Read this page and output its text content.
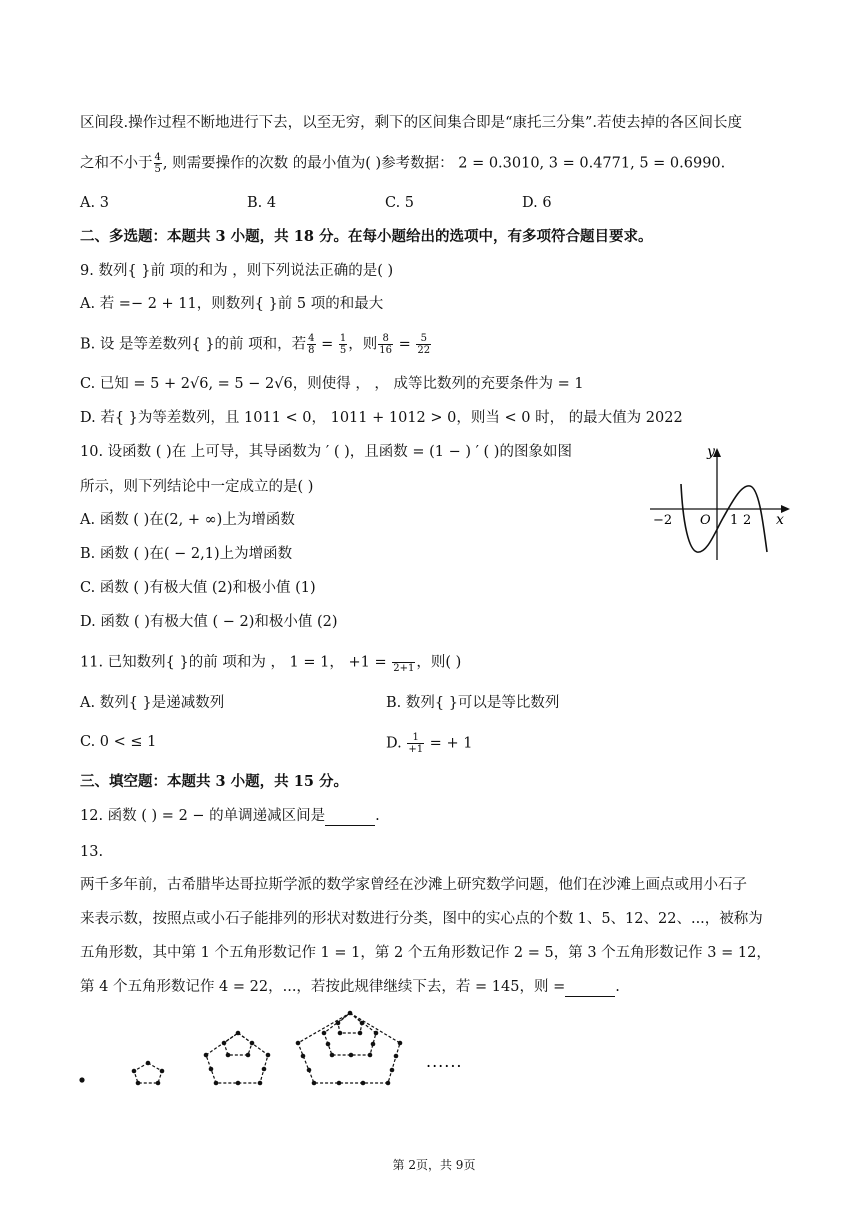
区间段.操作过程不断地进行下去，以至无穷，剩下的区间集合即是“康托三分集”.若使去掉的各区间长度
之和不小于 $\frac{4}{5}$ , 则需要操作的次数 的最小值为( )参考数据： 2 = 0.3010, 3 = 0.4771, 5 = 0.6990.
A. 3	B. 4	C. 5	D. 6
二、多选题：本题共 3 小题，共 18 分。在每小题给出的选项中，有多项符合题目要求。
9. 数列{ }前 项的和为 ，则下列说法正确的是( )
A. 若 =− 2 + 11，则数列{ }前 5 项的和最大
B. 设 是等差数列{ }的前 项和，若 $\frac{4}{8} = \frac{1}{5}$ ，则 $\frac{8}{16} = \frac{5}{22}$
C. 已知 = 5 + 2√6, = 5 − 2√6，则使得 ， ， 成等比数列的充要条件为 = 1
D. 若{ }为等差数列，且 1011 < 0， 1011 + 1012 > 0，则当 < 0 时， 的最大值为 2022
10. 设函数 ( )在 上可导，其导函数为 ′ ( )，且函数 = (1 − ) ′ ( )的图象如图
所示，则下列结论中一定成立的是( )
A. 函数 ( )在(2, + ∞)上为增函数
B. 函数 ( )在( − 2,1)上为增函数
C. 函数 ( )有极大值 (2)和极小值 (1)
D. 函数 ( )有极大值 ( − 2)和极小值 (2)
y
x
O
−2	1 2
11. 已知数列{ }的前 项和为 ， 1 = 1， +1 = 2+1 ，则( )
A. 数列{ }是递减数列	B. 数列{ }可以是等比数列
C. 0 < ≤ 1	D. $\frac{1}{+1}$ = + 1
三、填空题：本题共 3 小题，共 15 分。
12. 函数 ( ) = 2 − 的单调递减区间是	.
13.
两千多年前，古希腊毕达哥拉斯学派的数学家曾经在沙滩上研究数学问题，他们在沙滩上画点或用小石子
来表示数，按照点或小石子能排列的形状对数进行分类，图中的实心点的个数 1、5、12、22、...，被称为
五角形数，其中第 1 个五角形数记作 1 = 1，第 2 个五角形数记作 2 = 5，第 3 个五角形数记作 3 = 12，
第 4 个五角形数记作 4 = 22，...，若按此规律继续下去，若 = 145，则 =	.
......
第 2页，共 9页
